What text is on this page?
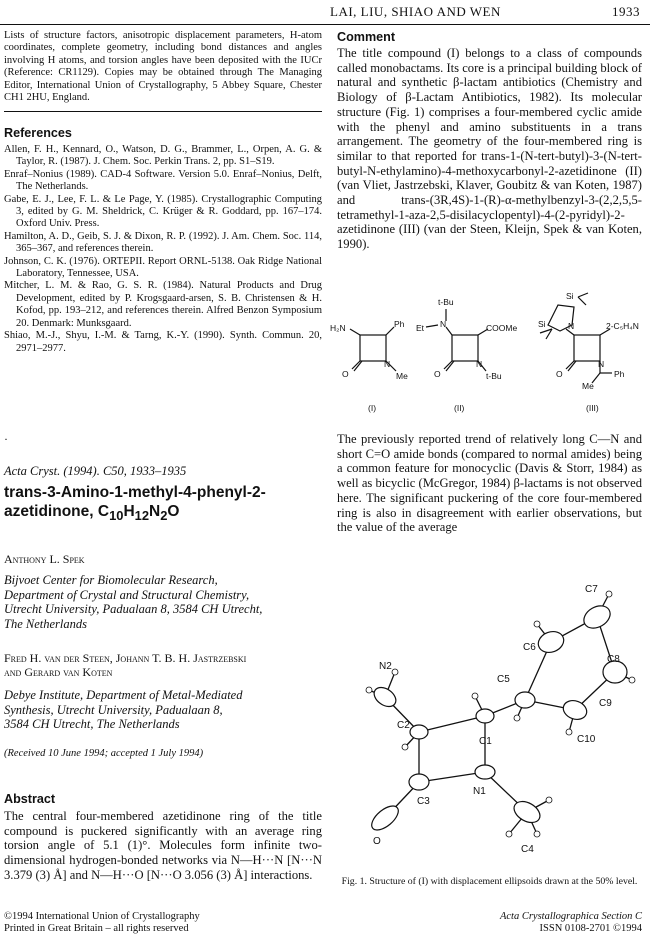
LAI, LIU, SHIAO AND WEN	1933
Lists of structure factors, anisotropic displacement parameters, H-atom coordinates, complete geometry, including bond distances and angles involving H atoms, and torsion angles have been deposited with the IUCr (Reference: CR1129). Copies may be obtained through The Managing Editor, International Union of Crystallography, 5 Abbey Square, Chester CH1 2HU, England.
References
Allen, F. H., Kennard, O., Watson, D. G., Brammer, L., Orpen, A. G. & Taylor, R. (1987). J. Chem. Soc. Perkin Trans. 2, pp. S1–S19.
Enraf–Nonius (1989). CAD-4 Software. Version 5.0. Enraf–Nonius, Delft, The Netherlands.
Gabe, E. J., Lee, F. L. & Le Page, Y. (1985). Crystallographic Computing 3, edited by G. M. Sheldrick, C. Krüger & R. Goddard, pp. 167–174. Oxford Univ. Press.
Hamilton, A. D., Geib, S. J. & Dixon, R. P. (1992). J. Am. Chem. Soc. 114, 365–367, and references therein.
Johnson, C. K. (1976). ORTEPII. Report ORNL-5138. Oak Ridge National Laboratory, Tennessee, USA.
Mitcher, L. M. & Rao, G. S. R. (1984). Natural Products and Drug Development, edited by P. Krogsgaard-arsen, S. B. Christensen & H. Kofod, pp. 193–212, and references therein. Alfred Benzon Symposium 20. Denmark: Munksgaard.
Shiao, M.-J., Shyu, I.-M. & Tarng, K.-Y. (1990). Synth. Commun. 20, 2971–2977.
·
Acta Cryst. (1994). C50, 1933–1935
trans-3-Amino-1-methyl-4-phenyl-2-azetidinone, $C_{10}H_{12}N_2O$
Anthony L. Spek
Bijvoet Center for Biomolecular Research,
Department of Crystal and Structural Chemistry,
Utrecht University, Padualaan 8, 3584 CH Utrecht,
The Netherlands
Fred H. van der Steen, Johann T. B. H. Jastrzebski
and Gerard van Koten
Debye Institute, Department of Metal-Mediated
Synthesis, Utrecht University, Padualaan 8,
3584 CH Utrecht, The Netherlands
(Received 10 June 1994; accepted 1 July 1994)
Abstract
The central four-membered azetidinone ring of the title compound is puckered significantly with an average ring torsion angle of 5.1 (1)°. Molecules form infinite two-dimensional hydrogen-bonded networks via N—H···N [N···N 3.379 (3) Å] and N—H···O [N···O 3.056 (3) Å] interactions.
©1994 International Union of Crystallography
Printed in Great Britain – all rights reserved
Comment
The title compound (I) belongs to a class of compounds called monobactams. Its core is a principal building block of natural and synthetic β-lactam antibiotics (Chemistry and Biology of β-Lactam Antibiotics, 1982). Its molecular structure (Fig. 1) comprises a four-membered cyclic amide with the phenyl and amino substituents in a trans arrangement. The geometry of the four-membered ring is similar to that reported for trans-1-(N-tert-butyl)-3-(N-tert-butyl-N-ethylamino)-4-methoxycarbonyl-2-azetidinone (II) (van Vliet, Jastrzebski, Klaver, Goubitz & van Koten, 1987) and trans-(3R,4S)-1-(R)-α-methylbenzyl-3-(2,2,5,5-tetramethyl-1-aza-2,5-disilacyclopentyl)-4-(2-pyridyl)-2-azetidinone (III) (van der Steen, Kleijn, Spek & van Koten, 1990).
H₂N	Ph
O
N
Me
(I)
t-Bu
Et N	COOMe
O
N
t-Bu
(II)
Si
Si	N	2-C₅H₄N
O
N
Me
Ph
(III)
The previously reported trend of relatively long C—N and short C=O amide bonds (compared to normal amides) being a common feature for monocyclic (Davis & Storr, 1984) as well as bicyclic (McGregor, 1984) β-lactams is not observed here. The significant puckering of the core four-membered ring is also in disagreement with earlier observations, but the value of the average
N2
C2
C1
C5
C6
C7
C8
C9
C10
C3
N1
O
C4
Fig. 1. Structure of (I) with displacement ellipsoids drawn at the 50% level.
Acta Crystallographica Section C
ISSN 0108-2701 ©1994
